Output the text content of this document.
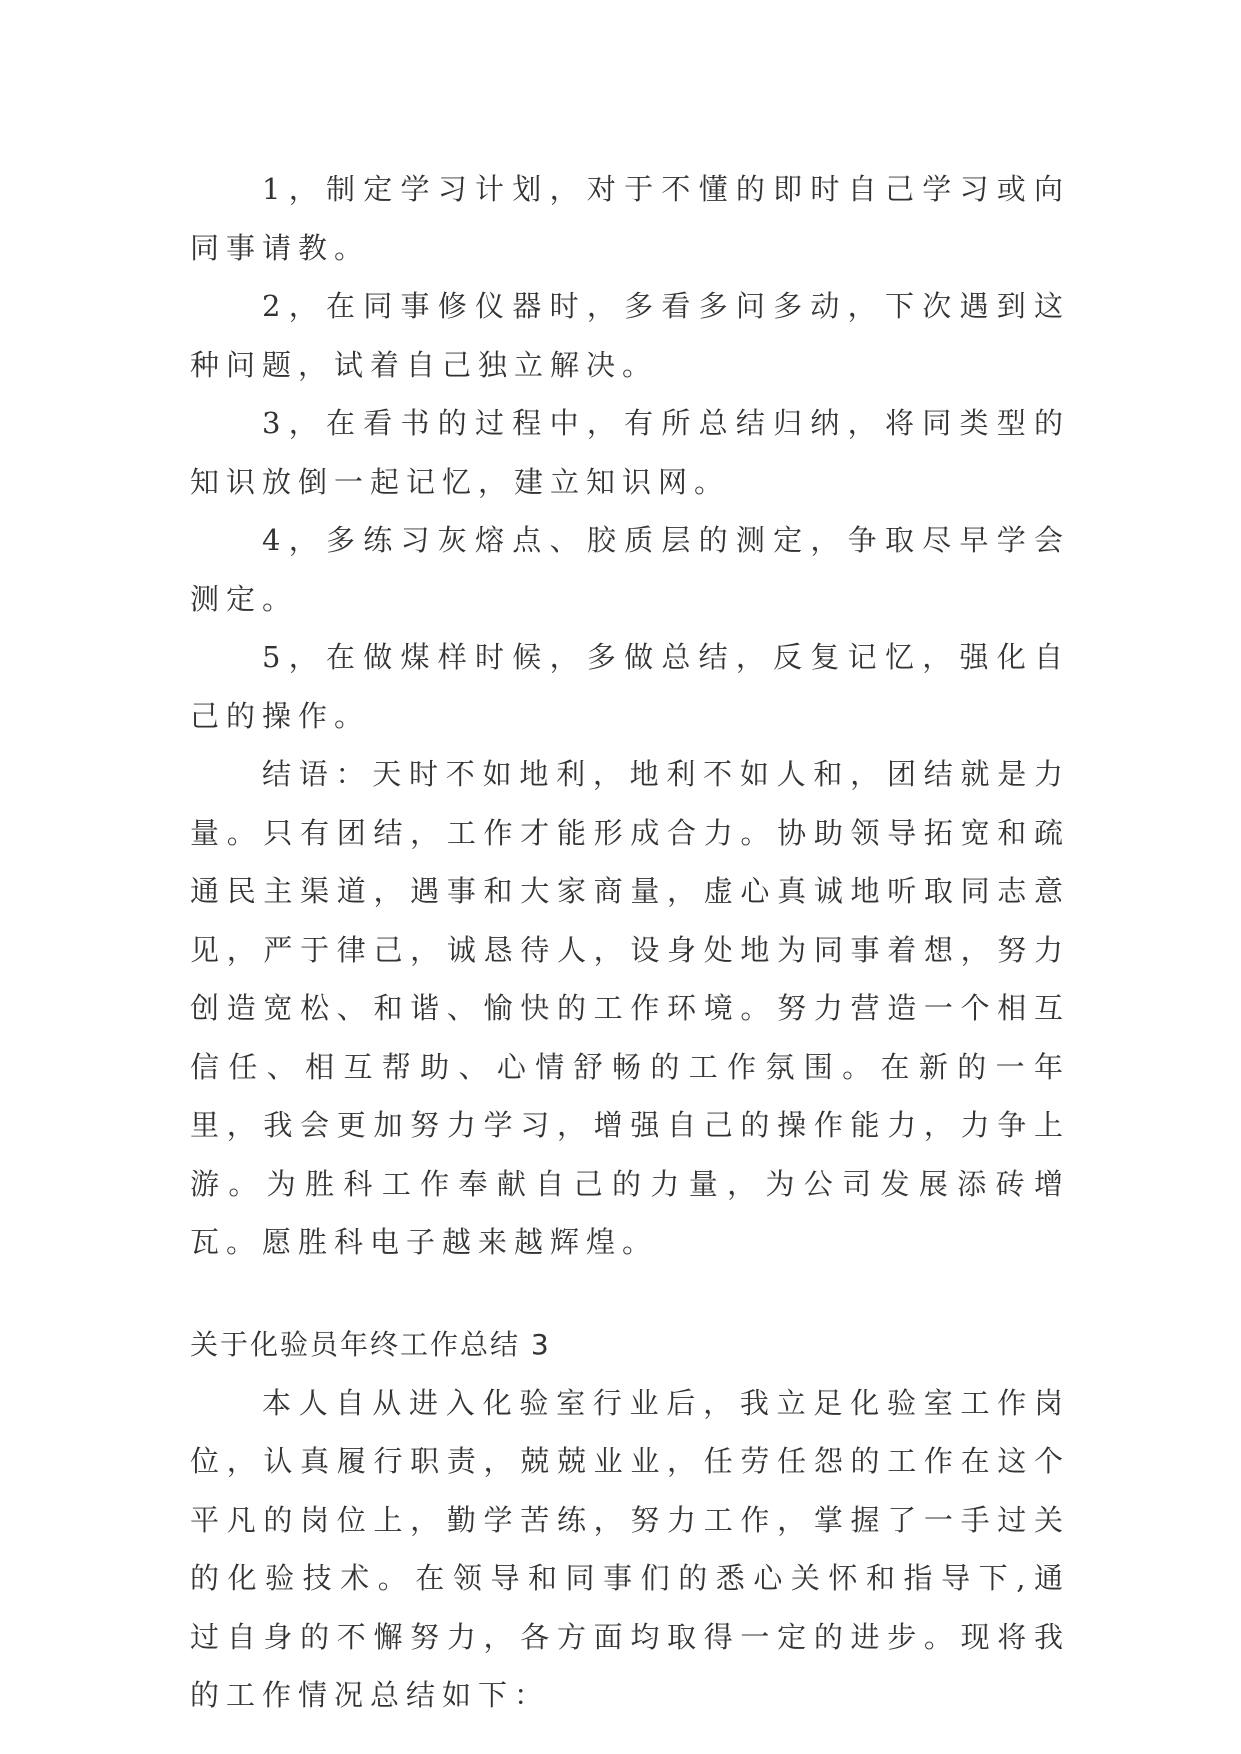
1，制定学习计划，对于不懂的即时自己学习或向同事请教。

2，在同事修仪器时，多看多问多动，下次遇到这种问题，试着自己独立解决。

3，在看书的过程中，有所总结归纳，将同类型的知识放倒一起记忆，建立知识网。

4，多练习灰熔点、胶质层的测定，争取尽早学会测定。

5，在做煤样时候，多做总结，反复记忆，强化自己的操作。

结语：天时不如地利，地利不如人和，团结就是力量。只有团结，工作才能形成合力。协助领导拓宽和疏通民主渠道，遇事和大家商量，虚心真诚地听取同志意见，严于律己，诚恳待人，设身处地为同事着想，努力创造宽松、和谐、愉快的工作环境。努力营造一个相互信任、相互帮助、心情舒畅的工作氛围。在新的一年里，我会更加努力学习，增强自己的操作能力，力争上游。为胜科工作奉献自己的力量，为公司发展添砖增瓦。愿胜科电子越来越辉煌。

关于化验员年终工作总结 3

本人自从进入化验室行业后，我立足化验室工作岗位，认真履行职责，兢兢业业，任劳任怨的工作在这个平凡的岗位上，勤学苦练，努力工作，掌握了一手过关的化验技术。在领导和同事们的悉心关怀和指导下,通过自身的不懈努力，各方面均取得一定的进步。现将我的工作情况总结如下：
